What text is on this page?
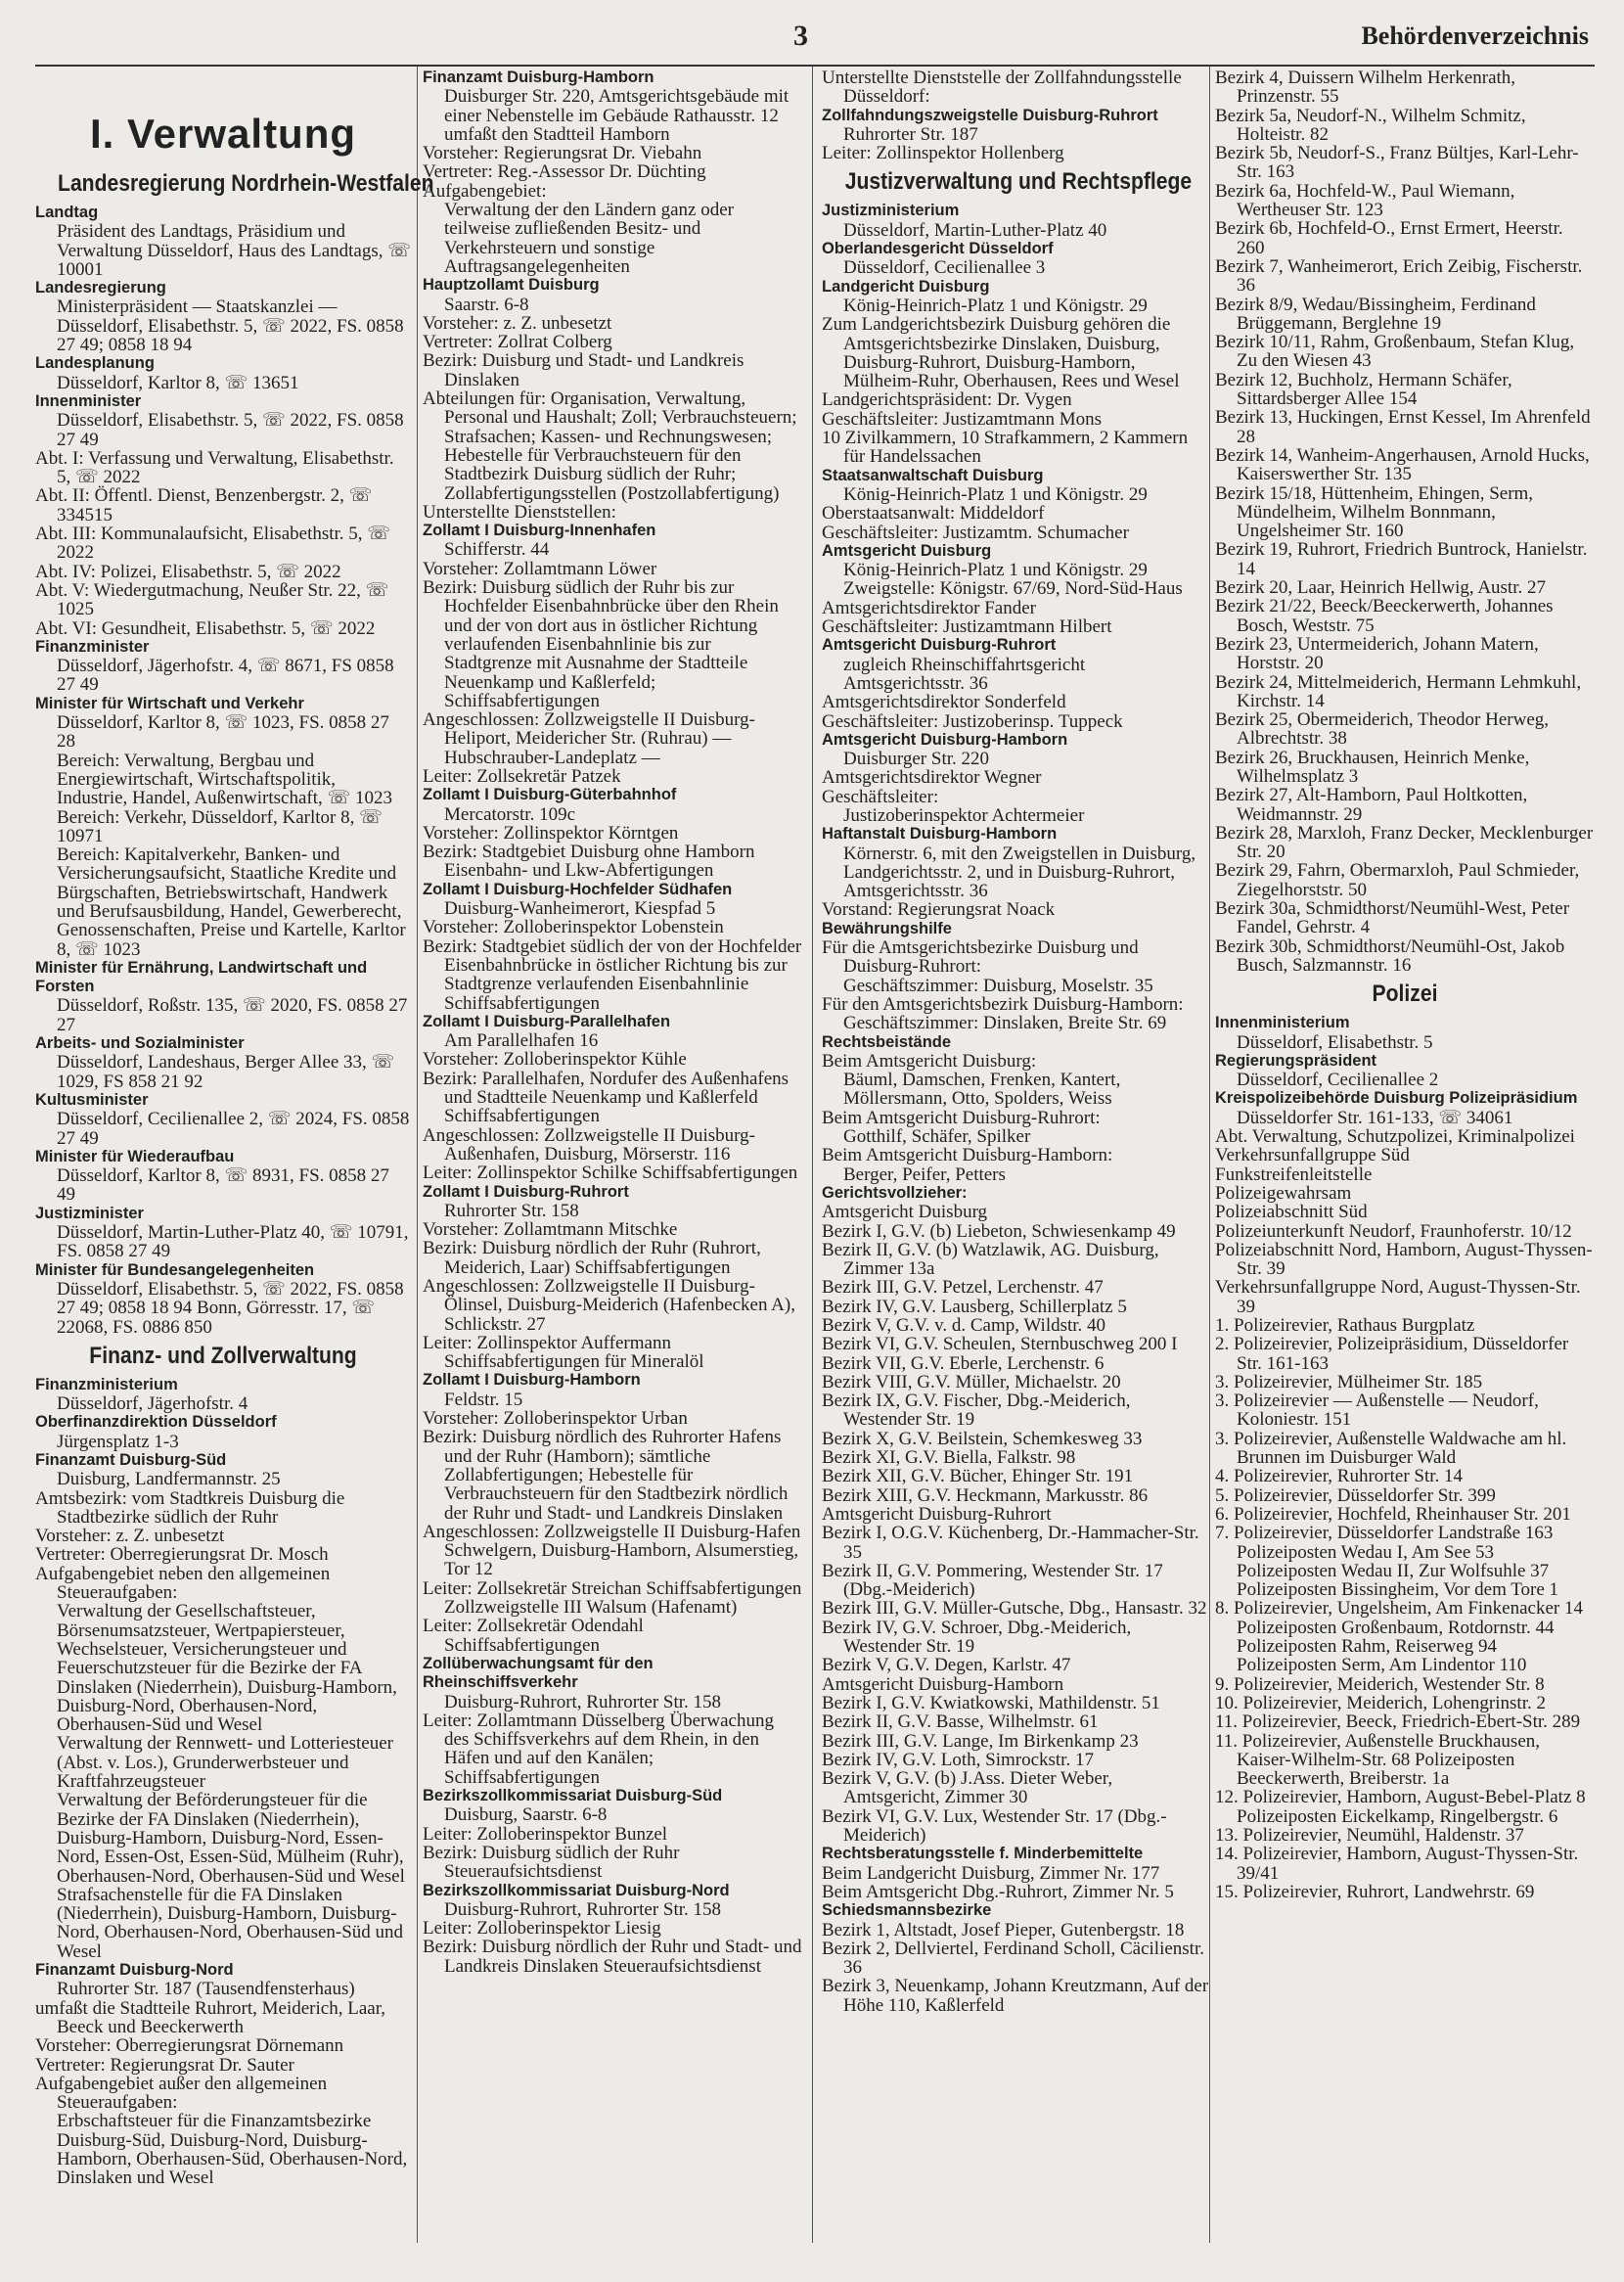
3	Behördenverzeichnis
I. Verwaltung
Landesregierung Nordrhein-Westfalen

Landtag

Präsident des Landtags, Präsidium und Verwaltung Düsseldorf, Haus des Landtags, ☏ 10001

Landesregierung

Ministerpräsident — Staatskanzlei — Düsseldorf, Elisabethstr. 5, ☏ 2022, FS. 0858 27 49; 0858 18 94

Landesplanung

Düsseldorf, Karltor 8, ☏ 13651

Innenminister

Düsseldorf, Elisabethstr. 5, ☏ 2022, FS. 0858 27 49

Abt. I: Verfassung und Verwaltung, Elisabethstr. 5, ☏ 2022

Abt. II: Öffentl. Dienst, Benzenbergstr. 2, ☏ 334515

Abt. III: Kommunalaufsicht, Elisabethstr. 5, ☏ 2022

Abt. IV: Polizei, Elisabethstr. 5, ☏ 2022

Abt. V: Wiedergutmachung, Neußer Str. 22, ☏ 1025

Abt. VI: Gesundheit, Elisabethstr. 5, ☏ 2022

Finanzminister

Düsseldorf, Jägerhofstr. 4, ☏ 8671, FS 0858 27 49

Minister für Wirtschaft und Verkehr

Düsseldorf, Karltor 8, ☏ 1023, FS. 0858 27 28

Bereich: Verwaltung, Bergbau und Energiewirtschaft, Wirtschaftspolitik, Industrie, Handel, Außenwirtschaft, ☏ 1023

Bereich: Verkehr, Düsseldorf, Karltor 8, ☏ 10971

Bereich: Kapitalverkehr, Banken- und Versicherungsaufsicht, Staatliche Kredite und Bürgschaften, Betriebswirtschaft, Handwerk und Berufsausbildung, Handel, Gewerberecht, Genossenschaften, Preise und Kartelle, Karltor 8, ☏ 1023

Minister für Ernährung, Landwirtschaft und Forsten

Düsseldorf, Roßstr. 135, ☏ 2020, FS. 0858 27 27

Arbeits- und Sozialminister

Düsseldorf, Landeshaus, Berger Allee 33, ☏ 1029, FS 858 21 92

Kultusminister

Düsseldorf, Cecilienallee 2, ☏ 2024, FS. 0858 27 49

Minister für Wiederaufbau

Düsseldorf, Karltor 8, ☏ 8931, FS. 0858 27 49

Justizminister

Düsseldorf, Martin-Luther-Platz 40, ☏ 10791, FS. 0858 27 49

Minister für Bundesangelegenheiten

Düsseldorf, Elisabethstr. 5, ☏ 2022, FS. 0858 27 49; 0858 18 94 Bonn, Görresstr. 17, ☏ 22068, FS. 0886 850

Finanz- und Zollverwaltung

Finanzministerium

Düsseldorf, Jägerhofstr. 4

Oberfinanzdirektion Düsseldorf

Jürgensplatz 1-3

Finanzamt Duisburg-Süd

Duisburg, Landfermannstr. 25

Amtsbezirk: vom Stadtkreis Duisburg die Stadtbezirke südlich der Ruhr

Vorsteher: z. Z. unbesetzt

Vertreter: Oberregierungsrat Dr. Mosch

Aufgabengebiet neben den allgemeinen Steueraufgaben:

Verwaltung der Gesellschaftsteuer, Börsenumsatzsteuer, Wertpapiersteuer, Wechselsteuer, Versicherungsteuer und Feuerschutzsteuer für die Bezirke der FA Dinslaken (Niederrhein), Duisburg-Hamborn, Duisburg-Nord, Oberhausen-Nord, Oberhausen-Süd und Wesel

Verwaltung der Rennwett- und Lotteriesteuer (Abst. v. Los.), Grunderwerbsteuer und Kraftfahrzeugsteuer

Verwaltung der Beförderungsteuer für die Bezirke der FA Dinslaken (Niederrhein), Duisburg-Hamborn, Duisburg-Nord, Essen-Nord, Essen-Ost, Essen-Süd, Mülheim (Ruhr), Oberhausen-Nord, Oberhausen-Süd und Wesel

Strafsachenstelle für die FA Dinslaken (Niederrhein), Duisburg-Hamborn, Duisburg-Nord, Oberhausen-Nord, Oberhausen-Süd und Wesel

Finanzamt Duisburg-Nord

Ruhrorter Str. 187 (Tausendfensterhaus)

umfaßt die Stadtteile Ruhrort, Meiderich, Laar, Beeck und Beeckerwerth

Vorsteher: Oberregierungsrat Dörnemann

Vertreter: Regierungsrat Dr. Sauter

Aufgabengebiet außer den allgemeinen Steueraufgaben:

Erbschaftsteuer für die Finanzamtsbezirke Duisburg-Süd, Duisburg-Nord, Duisburg-Hamborn, Oberhausen-Süd, Oberhausen-Nord, Dinslaken und Wesel

Finanzamt Duisburg-Hamborn

Duisburger Str. 220, Amtsgerichtsgebäude mit einer Nebenstelle im Gebäude Rathausstr. 12

umfaßt den Stadtteil Hamborn

Vorsteher: Regierungsrat Dr. Viebahn

Vertreter: Reg.-Assessor Dr. Düchting

Aufgabengebiet:

Verwaltung der den Ländern ganz oder teilweise zufließenden Besitz- und Verkehrsteuern und sonstige Auftragsangelegenheiten

Hauptzollamt Duisburg

Saarstr. 6-8

Vorsteher: z. Z. unbesetzt

Vertreter: Zollrat Colberg

Bezirk: Duisburg und Stadt- und Landkreis Dinslaken

Abteilungen für: Organisation, Verwaltung, Personal und Haushalt; Zoll; Verbrauchsteuern; Strafsachen; Kassen- und Rechnungswesen; Hebestelle für Verbrauchsteuern für den Stadtbezirk Duisburg südlich der Ruhr; Zollabfertigungsstellen (Postzollabfertigung)

Unterstellte Dienststellen:

Zollamt I Duisburg-Innenhafen

Schifferstr. 44

Vorsteher: Zollamtmann Löwer

Bezirk: Duisburg südlich der Ruhr bis zur Hochfelder Eisenbahnbrücke über den Rhein und der von dort aus in östlicher Richtung verlaufenden Eisenbahnlinie bis zur Stadtgrenze mit Ausnahme der Stadtteile Neuenkamp und Kaßlerfeld; Schiffsabfertigungen

Angeschlossen: Zollzweigstelle II Duisburg-Heliport, Meidericher Str. (Ruhrau) — Hubschrauber-Landeplatz —

Leiter: Zollsekretär Patzek

Zollamt I Duisburg-Güterbahnhof

Mercatorstr. 109c

Vorsteher: Zollinspektor Körntgen

Bezirk: Stadtgebiet Duisburg ohne Hamborn

Eisenbahn- und Lkw-Abfertigungen

Zollamt I Duisburg-Hochfelder Südhafen

Duisburg-Wanheimerort, Kiespfad 5

Vorsteher: Zolloberinspektor Lobenstein

Bezirk: Stadtgebiet südlich der von der Hochfelder Eisenbahnbrücke in östlicher Richtung bis zur Stadtgrenze verlaufenden Eisenbahnlinie Schiffsabfertigungen

Zollamt I Duisburg-Parallelhafen

Am Parallelhafen 16

Vorsteher: Zolloberinspektor Kühle

Bezirk: Parallelhafen, Nordufer des Außenhafens und Stadtteile Neuenkamp und Kaßlerfeld Schiffsabfertigungen

Angeschlossen: Zollzweigstelle II Duisburg-Außenhafen, Duisburg, Mörserstr. 116

Leiter: Zollinspektor Schilke Schiffsabfertigungen

Zollamt I Duisburg-Ruhrort

Ruhrorter Str. 158

Vorsteher: Zollamtmann Mitschke

Bezirk: Duisburg nördlich der Ruhr (Ruhrort, Meiderich, Laar) Schiffsabfertigungen

Angeschlossen: Zollzweigstelle II Duisburg-Ölinsel, Duisburg-Meiderich (Hafenbecken A), Schlickstr. 27

Leiter: Zollinspektor Auffermann Schiffsabfertigungen für Mineralöl

Zollamt I Duisburg-Hamborn

Feldstr. 15

Vorsteher: Zolloberinspektor Urban

Bezirk: Duisburg nördlich des Ruhrorter Hafens und der Ruhr (Hamborn); sämtliche Zollabfertigungen; Hebestelle für Verbrauchsteuern für den Stadtbezirk nördlich der Ruhr und Stadt- und Landkreis Dinslaken

Angeschlossen: Zollzweigstelle II Duisburg-Hafen Schwelgern, Duisburg-Hamborn, Alsumerstieg, Tor 12

Leiter: Zollsekretär Streichan Schiffsabfertigungen Zollzweigstelle III Walsum (Hafenamt)

Leiter: Zollsekretär Odendahl Schiffsabfertigungen

Zollüberwachungsamt für den Rheinschiffsverkehr

Duisburg-Ruhrort, Ruhrorter Str. 158

Leiter: Zollamtmann Düsselberg Überwachung des Schiffsverkehrs auf dem Rhein, in den Häfen und auf den Kanälen; Schiffsabfertigungen

Bezirkszollkommissariat Duisburg-Süd

Duisburg, Saarstr. 6-8

Leiter: Zolloberinspektor Bunzel

Bezirk: Duisburg südlich der Ruhr Steueraufsichtsdienst

Bezirkszollkommissariat Duisburg-Nord

Duisburg-Ruhrort, Ruhrorter Str. 158

Leiter: Zolloberinspektor Liesig

Bezirk: Duisburg nördlich der Ruhr und Stadt- und Landkreis Dinslaken Steueraufsichtsdienst

Unterstellte Dienststelle der Zollfahndungsstelle Düsseldorf:

Zollfahndungszweigstelle Duisburg-Ruhrort

Ruhrorter Str. 187

Leiter: Zollinspektor Hollenberg

Justizverwaltung und Rechtspflege

Justizministerium

Düsseldorf, Martin-Luther-Platz 40

Oberlandesgericht Düsseldorf

Düsseldorf, Cecilienallee 3

Landgericht Duisburg

König-Heinrich-Platz 1 und Königstr. 29

Zum Landgerichtsbezirk Duisburg gehören die Amtsgerichtsbezirke Dinslaken, Duisburg, Duisburg-Ruhrort, Duisburg-Hamborn, Mülheim-Ruhr, Oberhausen, Rees und Wesel

Landgerichtspräsident: Dr. Vygen

Geschäftsleiter: Justizamtmann Mons

10 Zivilkammern, 10 Strafkammern, 2 Kammern für Handelssachen

Staatsanwaltschaft Duisburg

König-Heinrich-Platz 1 und Königstr. 29

Oberstaatsanwalt: Middeldorf

Geschäftsleiter: Justizamtm. Schumacher

Amtsgericht Duisburg

König-Heinrich-Platz 1 und Königstr. 29 Zweigstelle: Königstr. 67/69, Nord-Süd-Haus

Amtsgerichtsdirektor Fander

Geschäftsleiter: Justizamtmann Hilbert

Amtsgericht Duisburg-Ruhrort

zugleich Rheinschiffahrtsgericht Amtsgerichtsstr. 36

Amtsgerichtsdirektor Sonderfeld

Geschäftsleiter: Justizoberinsp. Tuppeck

Amtsgericht Duisburg-Hamborn

Duisburger Str. 220

Amtsgerichtsdirektor Wegner

Geschäftsleiter:

Justizoberinspektor Achtermeier

Haftanstalt Duisburg-Hamborn

Körnerstr. 6, mit den Zweigstellen in Duisburg, Landgerichtsstr. 2, und in Duisburg-Ruhrort, Amtsgerichtsstr. 36

Vorstand: Regierungsrat Noack

Bewährungshilfe

Für die Amtsgerichtsbezirke Duisburg und Duisburg-Ruhrort:

Geschäftszimmer: Duisburg, Moselstr. 35

Für den Amtsgerichtsbezirk Duisburg-Hamborn:

Geschäftszimmer: Dinslaken, Breite Str. 69

Rechtsbeistände

Beim Amtsgericht Duisburg:

Bäuml, Damschen, Frenken, Kantert, Möllersmann, Otto, Spolders, Weiss

Beim Amtsgericht Duisburg-Ruhrort:

Gotthilf, Schäfer, Spilker

Beim Amtsgericht Duisburg-Hamborn:

Berger, Peifer, Petters

Gerichtsvollzieher:

Amtsgericht Duisburg

Bezirk I, G.V. (b) Liebeton, Schwiesenkamp 49

Bezirk II, G.V. (b) Watzlawik, AG. Duisburg, Zimmer 13a

Bezirk III, G.V. Petzel, Lerchenstr. 47

Bezirk IV, G.V. Lausberg, Schillerplatz 5

Bezirk V, G.V. v. d. Camp, Wildstr. 40

Bezirk VI, G.V. Scheulen, Sternbuschweg 200 I

Bezirk VII, G.V. Eberle, Lerchenstr. 6

Bezirk VIII, G.V. Müller, Michaelstr. 20

Bezirk IX, G.V. Fischer, Dbg.-Meiderich, Westender Str. 19

Bezirk X, G.V. Beilstein, Schemkesweg 33

Bezirk XI, G.V. Biella, Falkstr. 98

Bezirk XII, G.V. Bücher, Ehinger Str. 191

Bezirk XIII, G.V. Heckmann, Markusstr. 86

Amtsgericht Duisburg-Ruhrort

Bezirk I, O.G.V. Küchenberg, Dr.-Hammacher-Str. 35

Bezirk II, G.V. Pommering, Westender Str. 17 (Dbg.-Meiderich)

Bezirk III, G.V. Müller-Gutsche, Dbg., Hansastr. 32

Bezirk IV, G.V. Schroer, Dbg.-Meiderich, Westender Str. 19

Bezirk V, G.V. Degen, Karlstr. 47

Amtsgericht Duisburg-Hamborn

Bezirk I, G.V. Kwiatkowski, Mathildenstr. 51

Bezirk II, G.V. Basse, Wilhelmstr. 61

Bezirk III, G.V. Lange, Im Birkenkamp 23

Bezirk IV, G.V. Loth, Simrockstr. 17

Bezirk V, G.V. (b) J.Ass. Dieter Weber, Amtsgericht, Zimmer 30

Bezirk VI, G.V. Lux, Westender Str. 17 (Dbg.-Meiderich)

Rechtsberatungsstelle f. Minderbemittelte

Beim Landgericht Duisburg, Zimmer Nr. 177

Beim Amtsgericht Dbg.-Ruhrort, Zimmer Nr. 5

Schiedsmannsbezirke

Bezirk 1, Altstadt, Josef Pieper, Gutenbergstr. 18

Bezirk 2, Dellviertel, Ferdinand Scholl, Cäcilienstr. 36

Bezirk 3, Neuenkamp, Johann Kreutzmann, Auf der Höhe 110, Kaßlerfeld

Bezirk 4, Duissern Wilhelm Herkenrath, Prinzenstr. 55

Bezirk 5a, Neudorf-N., Wilhelm Schmitz, Holteistr. 82

Bezirk 5b, Neudorf-S., Franz Bültjes, Karl-Lehr-Str. 163

Bezirk 6a, Hochfeld-W., Paul Wiemann, Wertheuser Str. 123

Bezirk 6b, Hochfeld-O., Ernst Ermert, Heerstr. 260

Bezirk 7, Wanheimerort, Erich Zeibig, Fischerstr. 36

Bezirk 8/9, Wedau/Bissingheim, Ferdinand Brüggemann, Berglehne 19

Bezirk 10/11, Rahm, Großenbaum, Stefan Klug, Zu den Wiesen 43

Bezirk 12, Buchholz, Hermann Schäfer, Sittardsberger Allee 154

Bezirk 13, Huckingen, Ernst Kessel, Im Ahrenfeld 28

Bezirk 14, Wanheim-Angerhausen, Arnold Hucks, Kaiserswerther Str. 135

Bezirk 15/18, Hüttenheim, Ehingen, Serm, Mündelheim, Wilhelm Bonnmann, Ungelsheimer Str. 160

Bezirk 19, Ruhrort, Friedrich Buntrock, Hanielstr. 14

Bezirk 20, Laar, Heinrich Hellwig, Austr. 27

Bezirk 21/22, Beeck/Beeckerwerth, Johannes Bosch, Weststr. 75

Bezirk 23, Untermeiderich, Johann Matern, Horststr. 20

Bezirk 24, Mittelmeiderich, Hermann Lehmkuhl, Kirchstr. 14

Bezirk 25, Obermeiderich, Theodor Herweg, Albrechtstr. 38

Bezirk 26, Bruckhausen, Heinrich Menke, Wilhelmsplatz 3

Bezirk 27, Alt-Hamborn, Paul Holtkotten, Weidmannstr. 29

Bezirk 28, Marxloh, Franz Decker, Mecklenburger Str. 20

Bezirk 29, Fahrn, Obermarxloh, Paul Schmieder, Ziegelhorststr. 50

Bezirk 30a, Schmidthorst/Neumühl-West, Peter Fandel, Gehrstr. 4

Bezirk 30b, Schmidthorst/Neumühl-Ost, Jakob Busch, Salzmannstr. 16

Polizei

Innenministerium

Düsseldorf, Elisabethstr. 5

Regierungspräsident

Düsseldorf, Cecilienallee 2

Kreispolizeibehörde Duisburg Polizeipräsidium

Düsseldorfer Str. 161-133, ☏ 34061

Abt. Verwaltung, Schutzpolizei, Kriminalpolizei

Verkehrsunfallgruppe Süd

Funkstreifenleitstelle

Polizeigewahrsam

Polizeiabschnitt Süd

Polizeiunterkunft Neudorf, Fraunhoferstr. 10/12

Polizeiabschnitt Nord, Hamborn, August-Thyssen-Str. 39

Verkehrsunfallgruppe Nord, August-Thyssen-Str. 39

1. Polizeirevier, Rathaus Burgplatz

2. Polizeirevier, Polizeipräsidium, Düsseldorfer Str. 161-163

3. Polizeirevier, Mülheimer Str. 185

3. Polizeirevier — Außenstelle — Neudorf, Koloniestr. 151

3. Polizeirevier, Außenstelle Waldwache am hl. Brunnen im Duisburger Wald

4. Polizeirevier, Ruhrorter Str. 14

5. Polizeirevier, Düsseldorfer Str. 399

6. Polizeirevier, Hochfeld, Rheinhauser Str. 201

7. Polizeirevier, Düsseldorfer Landstraße 163 Polizeiposten Wedau I, Am See 53 Polizeiposten Wedau II, Zur Wolfsuhle 37 Polizeiposten Bissingheim, Vor dem Tore 1

8. Polizeirevier, Ungelsheim, Am Finkenacker 14 Polizeiposten Großenbaum, Rotdornstr. 44 Polizeiposten Rahm, Reiserweg 94 Polizeiposten Serm, Am Lindentor 110

9. Polizeirevier, Meiderich, Westender Str. 8

10. Polizeirevier, Meiderich, Lohengrinstr. 2

11. Polizeirevier, Beeck, Friedrich-Ebert-Str. 289

11. Polizeirevier, Außenstelle Bruckhausen, Kaiser-Wilhelm-Str. 68 Polizeiposten Beeckerwerth, Breiberstr. 1a

12. Polizeirevier, Hamborn, August-Bebel-Platz 8 Polizeiposten Eickelkamp, Ringelbergstr. 6

13. Polizeirevier, Neumühl, Haldenstr. 37

14. Polizeirevier, Hamborn, August-Thyssen-Str. 39/41

15. Polizeirevier, Ruhrort, Landwehrstr. 69
